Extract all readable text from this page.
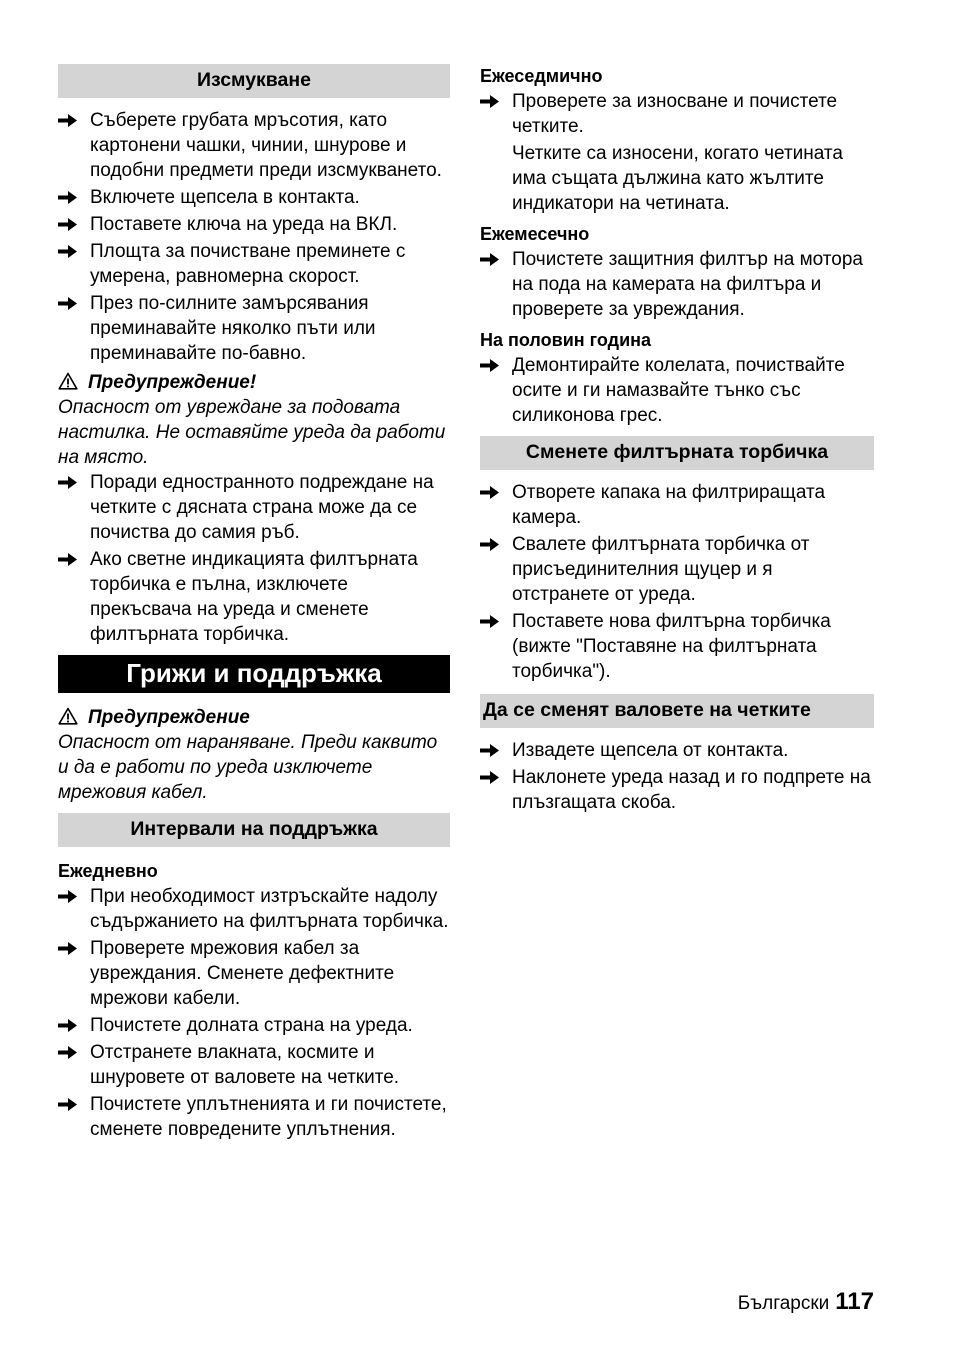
Изсмукване
Съберете грубата мръсотия, като картонени чашки, чинии, шнурове и подобни предмети преди изсмукването.
Включете щепсела в контакта.
Поставете ключа на уреда на ВКЛ.
Площта за почистване преминете с умерена, равномерна скорост.
През по-силните замърсявания преминавайте няколко пъти или преминавайте по-бавно.
Предупреждение!
Опасност от увреждане за подовата настилка. Не оставяйте уреда да работи на място.
Поради едностранното подреждане на четките с дясната страна може да се почиства до самия ръб.
Ако светне индикацията филтърната торбичка е пълна, изключете прекъсвача на уреда и сменете филтърната торбичка.
Грижи и поддръжка
Предупреждение
Опасност от нараняване. Преди каквито и да е работи по уреда изключете мрежовия кабел.
Интервали на поддръжка
Ежедневно
При необходимост изтръскайте надолу съдържанието на филтърната торбичка.
Проверете мрежовия кабел за увреждания. Сменете дефектните мрежови кабели.
Почистете долната страна на уреда.
Отстранете влакната, космите и шнуровете от валовете на четките.
Почистете уплътненията и ги почистете, сменете повредените уплътнения.
Ежеседмично
Проверете за износване и почистете четките.
Четките са износени, когато четината има същата дължина като жълтите индикатори на четината.
Ежемесечно
Почистете защитния филтър на мотора на пода на камерата на филтъра и проверете за увреждания.
На половин година
Демонтирайте колелата, почиствайте осите и ги намазвайте тънко със силиконова грес.
Сменете филтърната торбичка
Отворете капака на филтриращата камера.
Свалете филтърната торбичка от присъединителния щуцер и я отстранете от уреда.
Поставете нова филтърна торбичка (вижте "Поставяне на филтърната торбичка").
Да се сменят валовете на четките
Извадете щепсела от контакта.
Наклонете уреда назад и го подпрете на плъзгащата скоба.
Български 117
